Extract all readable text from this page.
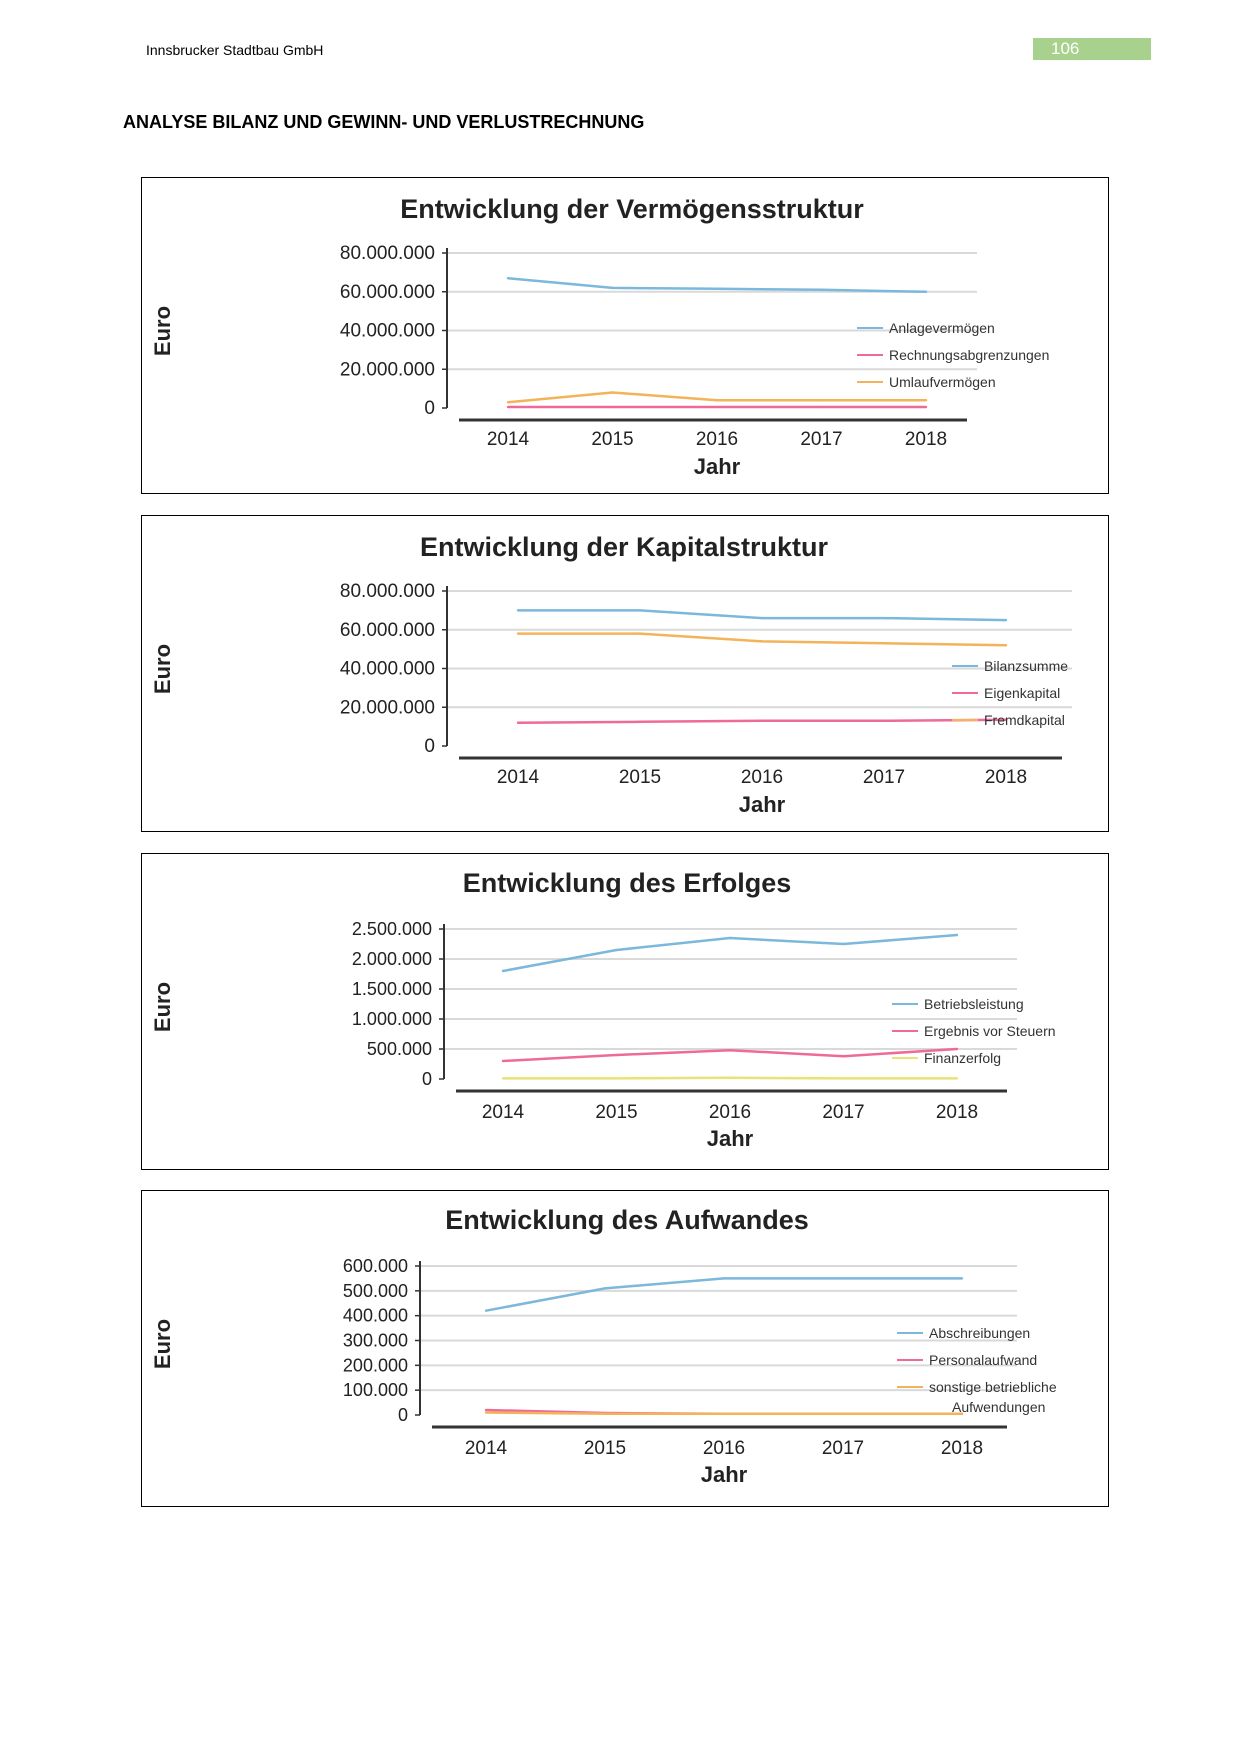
Innsbrucker Stadtbau GmbH	106
ANALYSE BILANZ UND GEWINN- UND VERLUSTRECHNUNG
Entwicklung der Vermögensstruktur
0
20.000.000
40.000.000
60.000.000
80.000.000
2014	2015	2016	2017	2018
Jahr
Euro	Anlagevermögen
Rechnungsabgrenzungen
Umlaufvermögen
Entwicklung der Kapitalstruktur
0
20.000.000
40.000.000
60.000.000
80.000.000
2014	2015	2016	2017	2018
Jahr
Euro	Bilanzsumme
Eigenkapital
Fremdkapital
Entwicklung des Erfolges
0
500.000
1.000.000
1.500.000
2.000.000
2.500.000
2014	2015	2016	2017	2018
Jahr
Euro	Betriebsleistung
Ergebnis vor Steuern
Finanzerfolg
Entwicklung des Aufwandes
0
100.000
200.000
300.000
400.000
500.000
600.000
2014	2015	2016	2017	2018
Jahr
Euro	Abschreibungen
Personalaufwand
sonstige betriebliche
Aufwendungen
